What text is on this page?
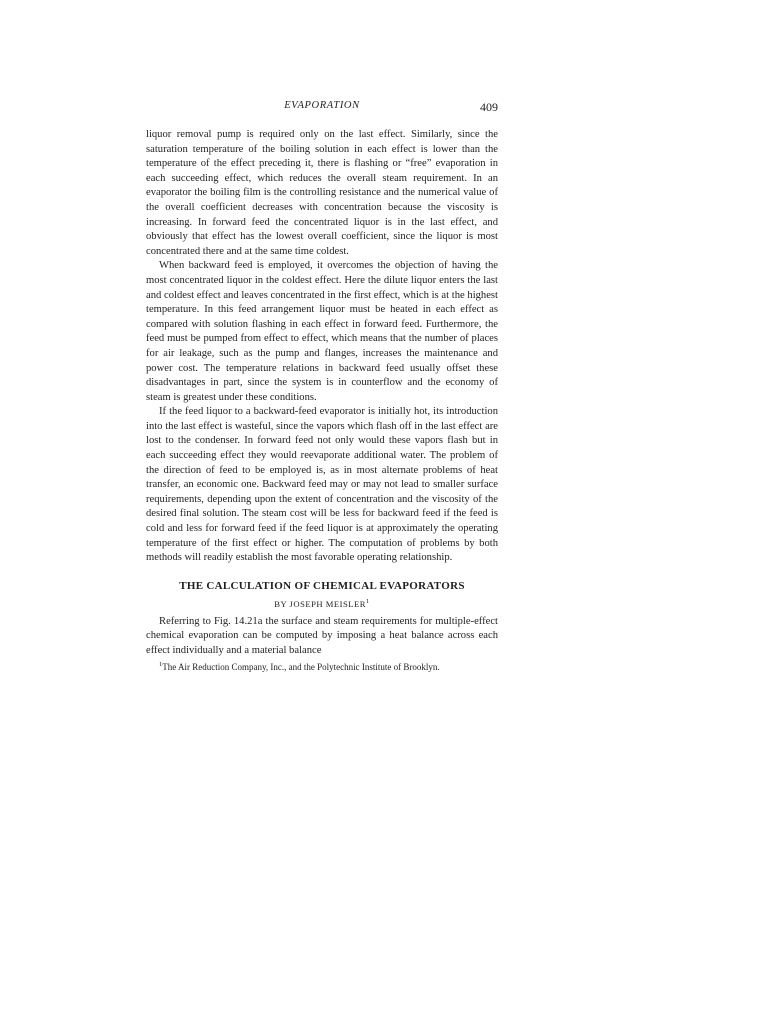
EVAPORATION	409

liquor removal pump is required only on the last effect. Similarly, since the saturation temperature of the boiling solution in each effect is lower than the temperature of the effect preceding it, there is flashing or “free” evaporation in each succeeding effect, which reduces the overall steam requirement. In an evaporator the boiling film is the controlling resistance and the numerical value of the overall coefficient decreases with concentration because the viscosity is increasing. In forward feed the concentrated liquor is in the last effect, and obviously that effect has the lowest overall coefficient, since the liquor is most concentrated there and at the same time coldest.

When backward feed is employed, it overcomes the objection of having the most concentrated liquor in the coldest effect. Here the dilute liquor enters the last and coldest effect and leaves concentrated in the first effect, which is at the highest temperature. In this feed arrangement liquor must be heated in each effect as compared with solution flashing in each effect in forward feed. Furthermore, the feed must be pumped from effect to effect, which means that the number of places for air leakage, such as the pump and flanges, increases the maintenance and power cost. The temperature relations in backward feed usually offset these disadvantages in part, since the system is in counterflow and the economy of steam is greatest under these conditions.

If the feed liquor to a backward-feed evaporator is initially hot, its introduction into the last effect is wasteful, since the vapors which flash off in the last effect are lost to the condenser. In forward feed not only would these vapors flash but in each succeeding effect they would reevaporate additional water. The problem of the direction of feed to be employed is, as in most alternate problems of heat transfer, an economic one. Backward feed may or may not lead to smaller surface requirements, depending upon the extent of concentration and the viscosity of the desired final solution. The steam cost will be less for backward feed if the feed is cold and less for forward feed if the feed liquor is at approximately the operating temperature of the first effect or higher. The computation of problems by both methods will readily establish the most favorable operating relationship.

THE CALCULATION OF CHEMICAL EVAPORATORS
BY JOSEPH MEISLER$^1$

Referring to Fig. 14.21a the surface and steam requirements for multiple-effect chemical evaporation can be computed by imposing a heat balance across each effect individually and a material balance

$^1$The Air Reduction Company, Inc., and the Polytechnic Institute of Brooklyn.
